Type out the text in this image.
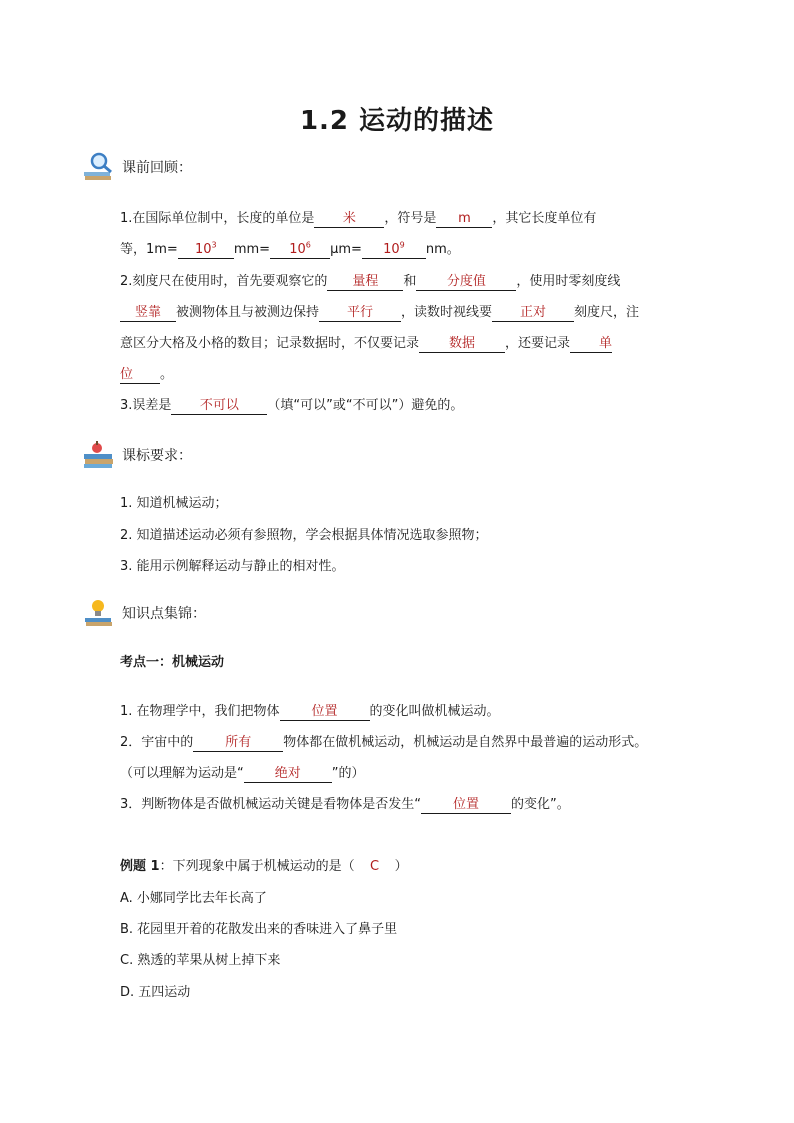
1.2 运动的描述
课前回顾：
1.在国际单位制中，长度的单位是 米 ，符号是 m ，其它长度单位有
等，$1m= 10^3$ $mm= 10^6$ $\mu m= 10^9$ nm。
2.刻度尺在使用时，首先要观察它的 量程 和 分度值 ，使用时零刻度线
竖靠 被测物体且与被测边保持 平行 ，读数时视线要 正对 刻度尺，注
意区分大格及小格的数目；记录数据时，不仅要记录 数据 ，还要记录 单
位 。
3.误差是 不可以 （填“可以”或“不可以”）避免的。
课标要求：
1. 知道机械运动；
2. 知道描述运动必须有参照物，学会根据具体情况选取参照物；
3. 能用示例解释运动与静止的相对性。
知识点集锦：
考点一：机械运动
1. 在物理学中，我们把物体 位置 的变化叫做机械运动。
2．宇宙中的 所有 物体都在做机械运动，机械运动是自然界中最普遍的运动形式。
（可以理解为运动是“ 绝对 ”的）
3．判断物体是否做机械运动关键是看物体是否发生“ 位置 的变化”。
例题 1：下列现象中属于机械运动的是（ C ）
A. 小娜同学比去年长高了
B. 花园里开着的花散发出来的香味进入了鼻子里
C. 熟透的苹果从树上掉下来
D. 五四运动
